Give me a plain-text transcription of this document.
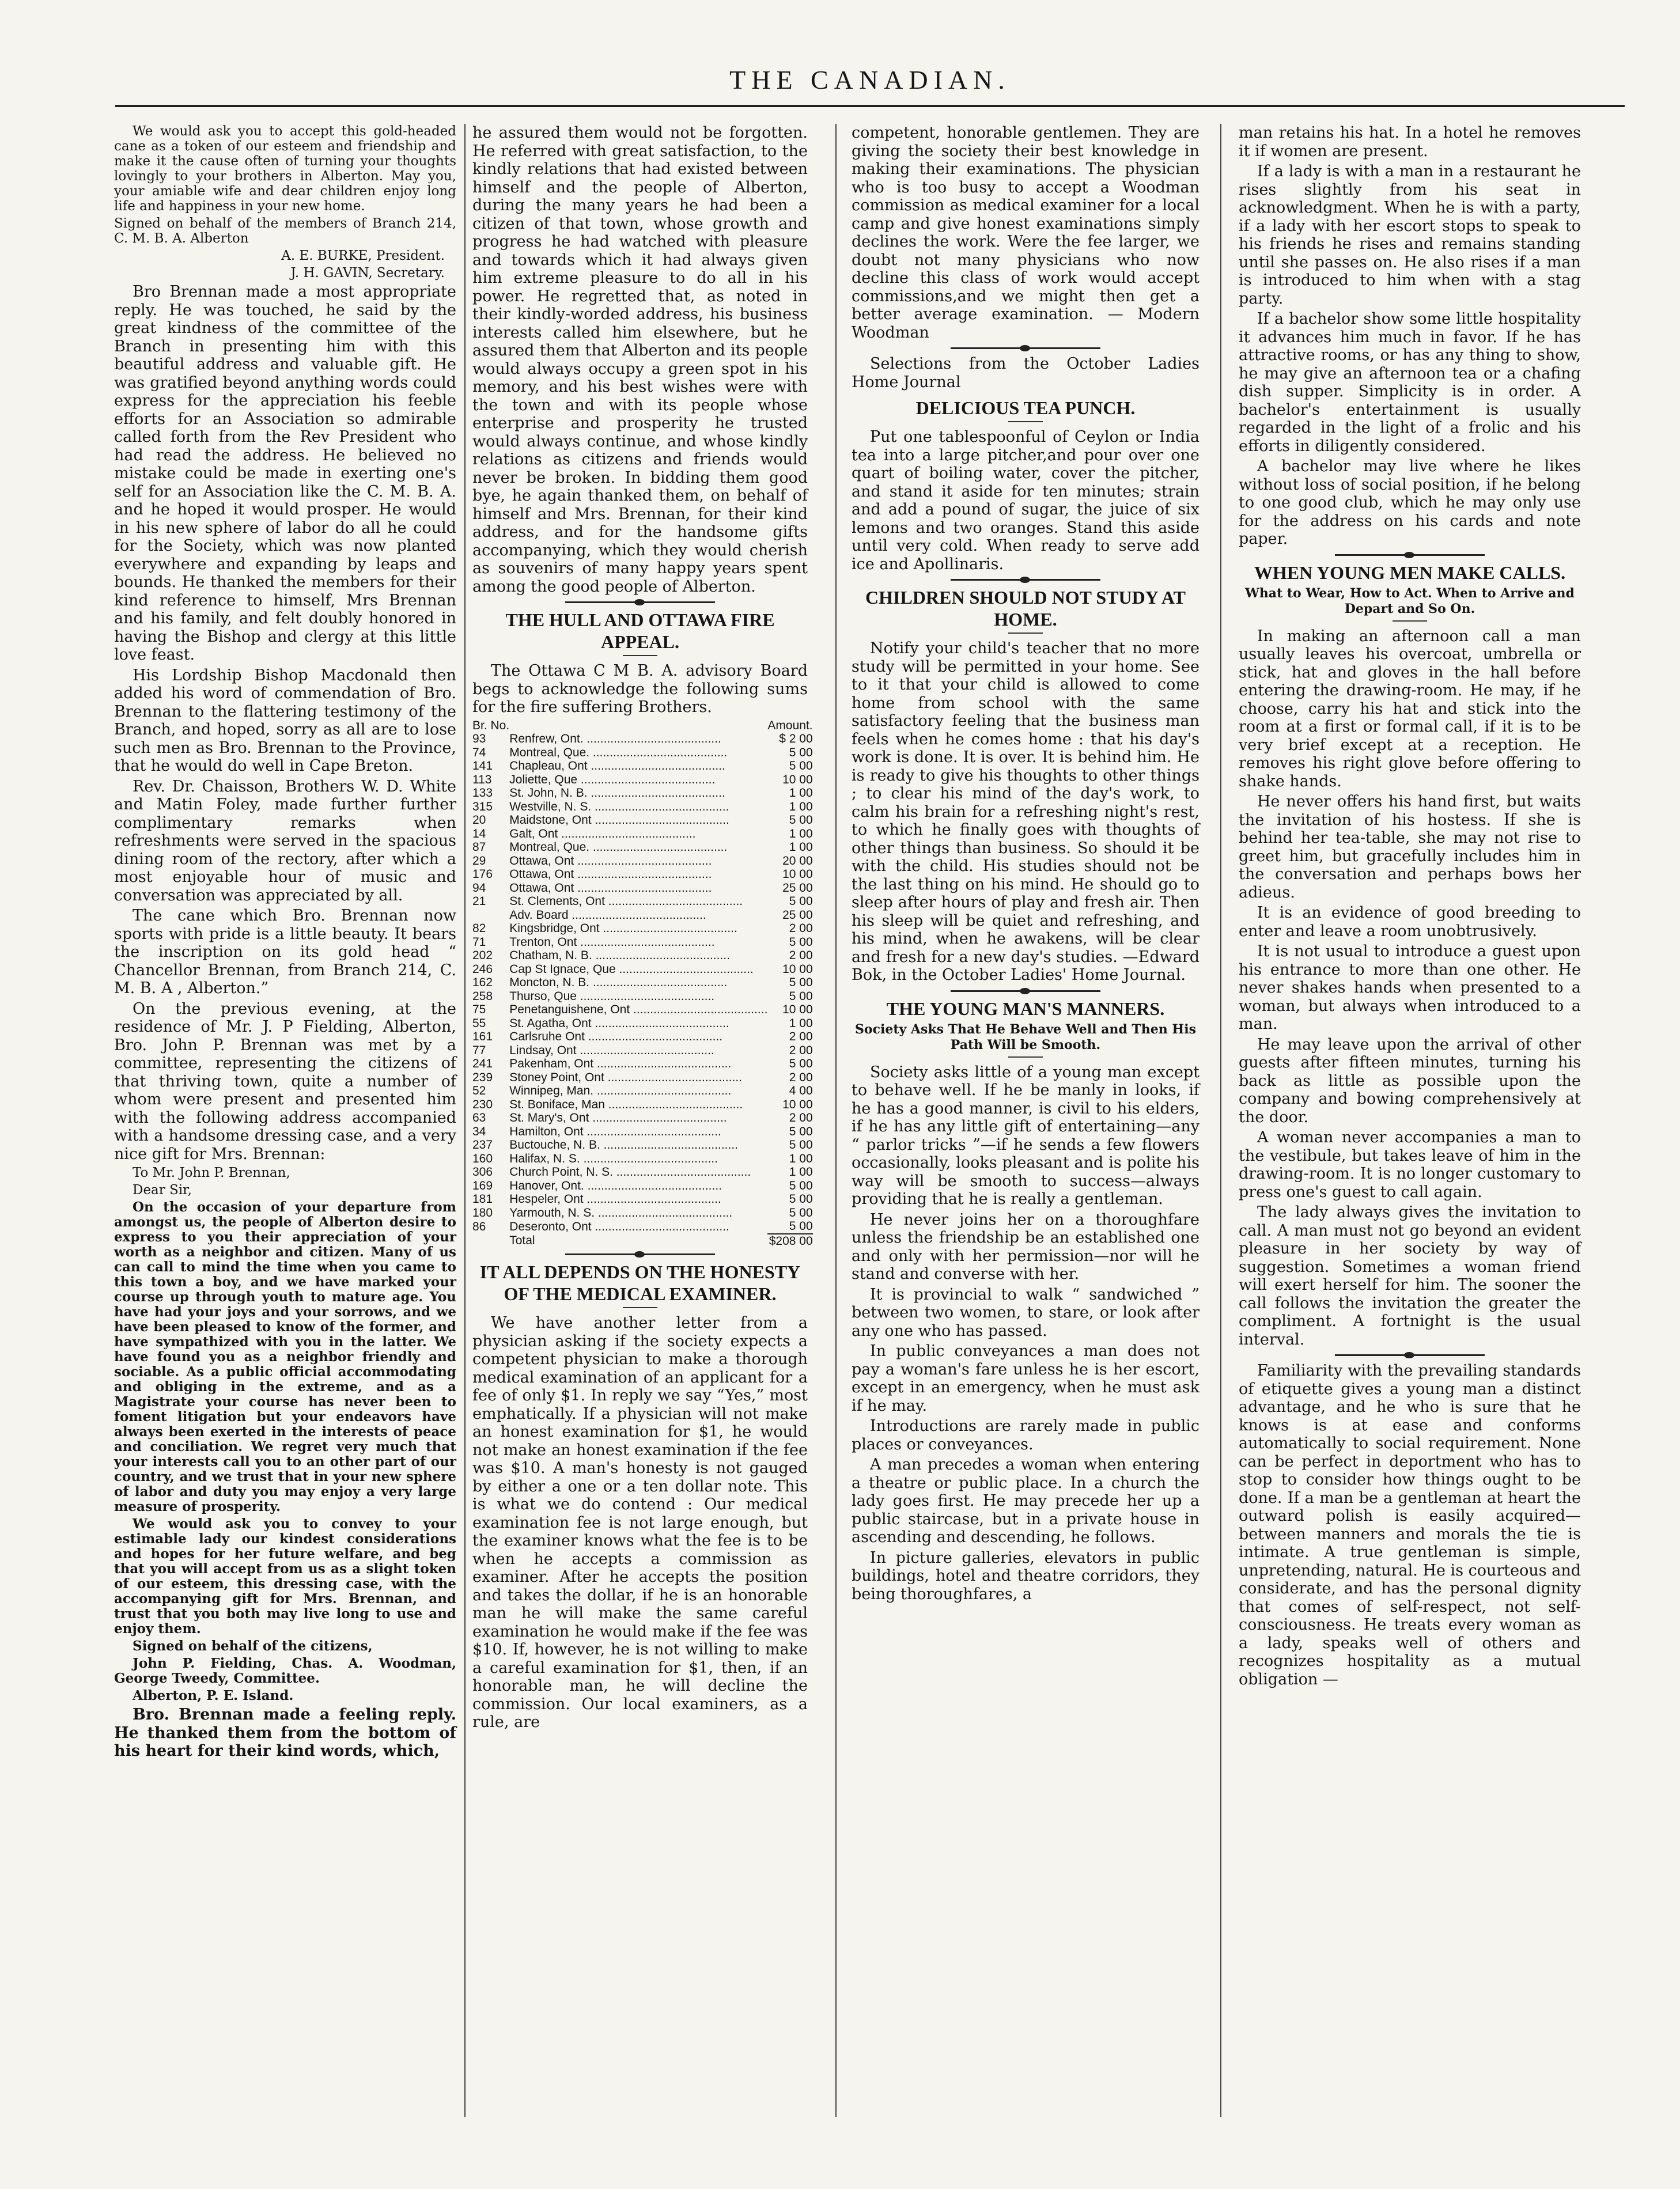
THE CANADIAN.

We would ask you to accept this gold-headed cane as a token of our esteem and friendship and make it the cause often of turning your thoughts lovingly to your brothers in Alberton. May you, your amiable wife and dear children enjoy long life and happiness in your new home.

Signed on behalf of the members of Branch 214, C. M. B. A. Alberton

A. E. BURKE, President.

J. H. GAVIN, Secretary.

Bro Brennan made a most appropriate reply. He was touched, he said by the great kindness of the committee of the Branch in presenting him with this beautiful address and valuable gift. He was gratified beyond anything words could express for the appreciation his feeble efforts for an Association so admirable called forth from the Rev President who had read the address. He believed no mistake could be made in exerting one's self for an Association like the C. M. B. A. and he hoped it would prosper. He would in his new sphere of labor do all he could for the Society, which was now planted everywhere and expanding by leaps and bounds. He thanked the members for their kind reference to himself, Mrs Brennan and his family, and felt doubly honored in having the Bishop and clergy at this little love feast.

His Lordship Bishop Macdonald then added his word of commendation of Bro. Brennan to the flattering testimony of the Branch, and hoped, sorry as all are to lose such men as Bro. Brennan to the Province, that he would do well in Cape Breton.

Rev. Dr. Chaisson, Brothers W. D. White and Matin Foley, made further further complimentary remarks when refreshments were served in the spacious dining room of the rectory, after which a most enjoyable hour of music and conversation was appreciated by all.

The cane which Bro. Brennan now sports with pride is a little beauty. It bears the inscription on its gold head “ Chancellor Brennan, from Branch 214, C. M. B. A , Alberton.”

On the previous evening, at the residence of Mr. J. P Fielding, Alberton, Bro. John P. Brennan was met by a committee, representing the citizens of that thriving town, quite a number of whom were present and presented him with the following address accompanied with a handsome dressing case, and a very nice gift for Mrs. Brennan:

To Mr. John P. Brennan,

Dear Sir,

On the occasion of your departure from amongst us, the people of Alberton desire to express to you their appreciation of your worth as a neighbor and citizen. Many of us can call to mind the time when you came to this town a boy, and we have marked your course up through youth to mature age. You have had your joys and your sorrows, and we have been pleased to know of the former, and have sympathized with you in the latter. We have found you as a neighbor friendly and sociable. As a public official accommodating and obliging in the extreme, and as a Magistrate your course has never been to foment litigation but your endeavors have always been exerted in the interests of peace and conciliation. We regret very much that your interests call you to an other part of our country, and we trust that in your new sphere of labor and duty you may enjoy a very large measure of prosperity.

We would ask you to convey to your estimable lady our kindest considerations and hopes for her future welfare, and beg that you will accept from us as a slight token of our esteem, this dressing case, with the accompanying gift for Mrs. Brennan, and trust that you both may live long to use and enjoy them.

Signed on behalf of the citizens,

John P. Fielding, Chas. A. Woodman, George Tweedy, Committee.

Alberton, P. E. Island.

Bro. Brennan made a feeling reply. He thanked them from the bottom of his heart for their kind words, which,

he assured them would not be forgotten. He referred with great satisfaction, to the kindly relations that had existed between himself and the people of Alberton, during the many years he had been a citizen of that town, whose growth and progress he had watched with pleasure and towards which it had always given him extreme pleasure to do all in his power. He regretted that, as noted in their kindly-worded address, his business interests called him elsewhere, but he assured them that Alberton and its people would always occupy a green spot in his memory, and his best wishes were with the town and with its people whose enterprise and prosperity he trusted would always continue, and whose kindly relations as citizens and friends would never be broken. In bidding them good bye, he again thanked them, on behalf of himself and Mrs. Brennan, for their kind address, and for the handsome gifts accompanying, which they would cherish as souvenirs of many happy years spent among the good people of Alberton.

THE HULL AND OTTAWA FIRE APPEAL.

The Ottawa C M B. A. advisory Board begs to acknowledge the following sums for the fire suffering Brothers.

Br. No.		Amount.
93	Renfrew, Ont. ........................................	$ 2 00
74	Montreal, Que. ........................................	5 00
141	Chapleau, Ont ........................................	5 00
113	Joliette, Que ........................................	10 00
133	St. John, N. B. ........................................	1 00
315	Westville, N. S. ........................................	1 00
20	Maidstone, Ont ........................................	5 00
14	Galt, Ont ........................................	1 00
87	Montreal, Que. ........................................	1 00
29	Ottawa, Ont ........................................	20 00
176	Ottawa, Ont ........................................	10 00
94	Ottawa, Ont ........................................	25 00
21	St. Clements, Ont ........................................	5 00
	Adv. Board ........................................	25 00
82	Kingsbridge, Ont ........................................	2 00
71	Trenton, Ont ........................................	5 00
202	Chatham, N. B. ........................................	2 00
246	Cap St Ignace, Que ........................................	10 00
162	Moncton, N. B. ........................................	5 00
258	Thurso, Que ........................................	5 00
75	Penetanguishene, Ont ........................................	10 00
55	St. Agatha, Ont ........................................	1 00
161	Carlsruhe Ont ........................................	2 00
77	Lindsay, Ont ........................................	2 00
241	Pakenham, Ont ........................................	5 00
239	Stoney Point, Ont ........................................	2 00
52	Winnipeg, Man. ........................................	4 00
230	St. Boniface, Man ........................................	10 00
63	St. Mary's, Ont ........................................	2 00
34	Hamilton, Ont ........................................	5 00
237	Buctouche, N. B. ........................................	5 00
160	Halifax, N. S. ........................................	1 00
306	Church Point, N. S. ........................................	1 00
169	Hanover, Ont. ........................................	5 00
181	Hespeler, Ont ........................................	5 00
180	Yarmouth, N. S. ........................................	5 00
86	Deseronto, Ont ........................................	5 00
	Total	$208 00
IT ALL DEPENDS ON THE HONESTY OF THE MEDICAL EXAMINER.

We have another letter from a physician asking if the society expects a competent physician to make a thorough medical examination of an applicant for a fee of only $1. In reply we say “Yes,” most emphatically. If a physician will not make an honest examination for $1, he would not make an honest examination if the fee was $10. A man's honesty is not gauged by either a one or a ten dollar note. This is what we do contend : Our medical examination fee is not large enough, but the examiner knows what the fee is to be when he accepts a commission as examiner. After he accepts the position and takes the dollar, if he is an honorable man he will make the same careful examination he would make if the fee was $10. If, however, he is not willing to make a careful examination for $1, then, if an honorable man, he will decline the commission. Our local examiners, as a rule, are

competent, honorable gentlemen. They are giving the society their best knowledge in making their examinations. The physician who is too busy to accept a Woodman commission as medical examiner for a local camp and give honest examinations simply declines the work. Were the fee larger, we doubt not many physicians who now decline this class of work would accept commissions,and we might then get a better average examination. — Modern Woodman

Selections from the October Ladies Home Journal

DELICIOUS TEA PUNCH.

Put one tablespoonful of Ceylon or India tea into a large pitcher,and pour over one quart of boiling water, cover the pitcher, and stand it aside for ten minutes; strain and add a pound of sugar, the juice of six lemons and two oranges. Stand this aside until very cold. When ready to serve add ice and Apollinaris.

CHILDREN SHOULD NOT STUDY AT HOME.

Notify your child's teacher that no more study will be permitted in your home. See to it that your child is allowed to come home from school with the same satisfactory feeling that the business man feels when he comes home : that his day's work is done. It is over. It is behind him. He is ready to give his thoughts to other things ; to clear his mind of the day's work, to calm his brain for a refreshing night's rest, to which he finally goes with thoughts of other things than business. So should it be with the child. His studies should not be the last thing on his mind. He should go to sleep after hours of play and fresh air. Then his sleep will be quiet and refreshing, and his mind, when he awakens, will be clear and fresh for a new day's studies. —Edward Bok, in the October Ladies' Home Journal.

THE YOUNG MAN'S MANNERS.
Society Asks That He Behave Well and Then His Path Will be Smooth.

Society asks little of a young man except to behave well. If he be manly in looks, if he has a good manner, is civil to his elders, if he has any little gift of entertaining—any “ parlor tricks ”—if he sends a few flowers occasionally, looks pleasant and is polite his way will be smooth to success—always providing that he is really a gentleman.

He never joins her on a thoroughfare unless the friendship be an established one and only with her permission—nor will he stand and converse with her.

It is provincial to walk “ sandwiched ” between two women, to stare, or look after any one who has passed.

In public conveyances a man does not pay a woman's fare unless he is her escort, except in an emergency, when he must ask if he may.

Introductions are rarely made in public places or conveyances.

A man precedes a woman when entering a theatre or public place. In a church the lady goes first. He may precede her up a public staircase, but in a private house in ascending and descending, he follows.

In picture galleries, elevators in public buildings, hotel and theatre corridors, they being thoroughfares, a

man retains his hat. In a hotel he removes it if women are present.

If a lady is with a man in a restaurant he rises slightly from his seat in acknowledgment. When he is with a party, if a lady with her escort stops to speak to his friends he rises and remains standing until she passes on. He also rises if a man is introduced to him when with a stag party.

If a bachelor show some little hospitality it advances him much in favor. If he has attractive rooms, or has any thing to show, he may give an afternoon tea or a chafing dish supper. Simplicity is in order. A bachelor's entertainment is usually regarded in the light of a frolic and his efforts in diligently considered.

A bachelor may live where he likes without loss of social position, if he belong to one good club, which he may only use for the address on his cards and note paper.

WHEN YOUNG MEN MAKE CALLS.
What to Wear, How to Act. When to Arrive and Depart and So On.

In making an afternoon call a man usually leaves his overcoat, umbrella or stick, hat and gloves in the hall before entering the drawing-room. He may, if he choose, carry his hat and stick into the room at a first or formal call, if it is to be very brief except at a reception. He removes his right glove before offering to shake hands.

He never offers his hand first, but waits the invitation of his hostess. If she is behind her tea-table, she may not rise to greet him, but gracefully includes him in the conversation and perhaps bows her adieus.

It is an evidence of good breeding to enter and leave a room unobtrusively.

It is not usual to introduce a guest upon his entrance to more than one other. He never shakes hands when presented to a woman, but always when introduced to a man.

He may leave upon the arrival of other guests after fifteen minutes, turning his back as little as possible upon the company and bowing comprehensively at the door.

A woman never accompanies a man to the vestibule, but takes leave of him in the drawing-room. It is no longer customary to press one's guest to call again.

The lady always gives the invitation to call. A man must not go beyond an evident pleasure in her society by way of suggestion. Sometimes a woman friend will exert herself for him. The sooner the call follows the invitation the greater the compliment. A fortnight is the usual interval.

Familiarity with the prevailing standards of etiquette gives a young man a distinct advantage, and he who is sure that he knows is at ease and conforms automatically to social requirement. None can be perfect in deportment who has to stop to consider how things ought to be done. If a man be a gentleman at heart the outward polish is easily acquired—between manners and morals the tie is intimate. A true gentleman is simple, unpretending, natural. He is courteous and considerate, and has the personal dignity that comes of self-respect, not self-consciousness. He treats every woman as a lady, speaks well of others and recognizes hospitality as a mutual obligation —
